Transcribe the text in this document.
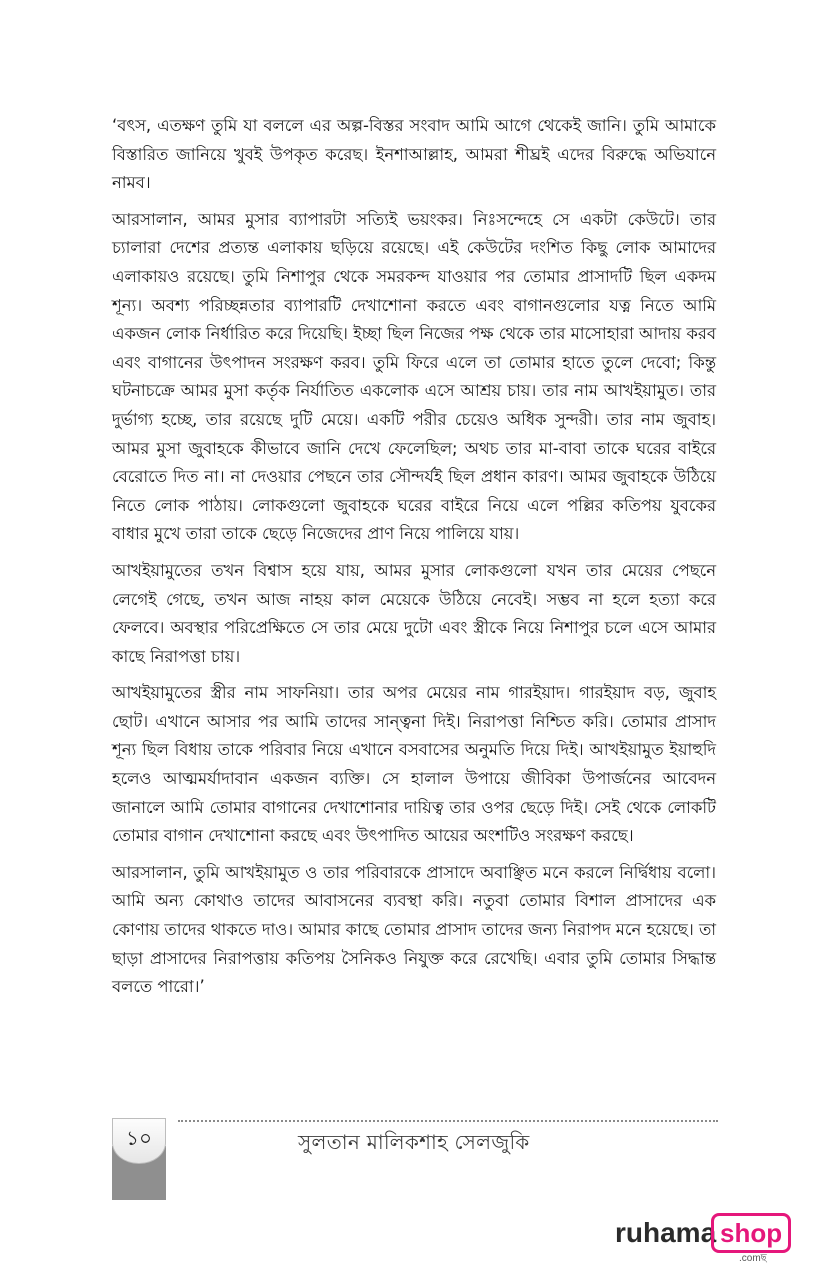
‘বৎস, এতক্ষণ তুমি যা বললে এর অল্প-বিস্তর সংবাদ আমি আগে থেকেই জানি। তুমি আমাকে বিস্তারিত জানিয়ে খুবই উপকৃত করেছ। ইনশাআল্লাহ, আমরা শীঘ্রই এদের বিরুদ্ধে অভিযানে নামব।

আরসালান, আমর মুসার ব্যাপারটা সত্যিই ভয়ংকর। নিঃসন্দেহে সে একটা কেউটে। তার চ্যালারা দেশের প্রত্যন্ত এলাকায় ছড়িয়ে রয়েছে। এই কেউটের দংশিত কিছু লোক আমাদের এলাকায়ও রয়েছে। তুমি নিশাপুর থেকে সমরকন্দ যাওয়ার পর তোমার প্রাসাদটি ছিল একদম শূন্য। অবশ্য পরিচ্ছন্নতার ব্যাপারটি দেখাশোনা করতে এবং বাগানগুলোর যত্ন নিতে আমি একজন লোক নির্ধারিত করে দিয়েছি। ইচ্ছা ছিল নিজের পক্ষ থেকে তার মাসোহারা আদায় করব এবং বাগানের উৎপাদন সংরক্ষণ করব। তুমি ফিরে এলে তা তোমার হাতে তুলে দেবো; কিন্তু ঘটনাচক্রে আমর মুসা কর্তৃক নির্যাতিত একলোক এসে আশ্রয় চায়। তার নাম আখইয়ামুত। তার দুর্ভাগ্য হচ্ছে, তার রয়েছে দুটি মেয়ে। একটি পরীর চেয়েও অধিক সুন্দরী। তার নাম জুবাহ। আমর মুসা জুবাহকে কীভাবে জানি দেখে ফেলেছিল; অথচ তার মা-বাবা তাকে ঘরের বাইরে বেরোতে দিত না। না দেওয়ার পেছনে তার সৌন্দর্যই ছিল প্রধান কারণ। আমর জুবাহকে উঠিয়ে নিতে লোক পাঠায়। লোকগুলো জুবাহকে ঘরের বাইরে নিয়ে এলে পল্লির কতিপয় যুবকের বাধার মুখে তারা তাকে ছেড়ে নিজেদের প্রাণ নিয়ে পালিয়ে যায়।

আখইয়ামুতের তখন বিশ্বাস হয়ে যায়, আমর মুসার লোকগুলো যখন তার মেয়ের পেছনে লেগেই গেছে, তখন আজ নাহয় কাল মেয়েকে উঠিয়ে নেবেই। সম্ভব না হলে হত্যা করে ফেলবে। অবস্থার পরিপ্রেক্ষিতে সে তার মেয়ে দুটো এবং স্ত্রীকে নিয়ে নিশাপুর চলে এসে আমার কাছে নিরাপত্তা চায়।

আখইয়ামুতের স্ত্রীর নাম সাফনিয়া। তার অপর মেয়ের নাম গারইয়াদ। গারইয়াদ বড়, জুবাহ ছোট। এখানে আসার পর আমি তাদের সান্ত্বনা দিই। নিরাপত্তা নিশ্চিত করি। তোমার প্রাসাদ শূন্য ছিল বিধায় তাকে পরিবার নিয়ে এখানে বসবাসের অনুমতি দিয়ে দিই। আখইয়ামুত ইয়াহুদি হলেও আত্মমর্যাদাবান একজন ব্যক্তি। সে হালাল উপায়ে জীবিকা উপার্জনের আবেদন জানালে আমি তোমার বাগানের দেখাশোনার দায়িত্ব তার ওপর ছেড়ে দিই। সেই থেকে লোকটি তোমার বাগান দেখাশোনা করছে এবং উৎপাদিত আয়ের অংশটিও সংরক্ষণ করছে।

আরসালান, তুমি আখইয়ামুত ও তার পরিবারকে প্রাসাদে অবাঞ্ছিত মনে করলে নির্দ্বিধায় বলো। আমি অন্য কোথাও তাদের আবাসনের ব্যবস্থা করি। নতুবা তোমার বিশাল প্রাসাদের এক কোণায় তাদের থাকতে দাও। আমার কাছে তোমার প্রাসাদ তাদের জন্য নিরাপদ মনে হয়েছে। তা ছাড়া প্রাসাদের নিরাপত্তায় কতিপয় সৈনিকও নিযুক্ত করে রেখেছি। এবার তুমি তোমার সিদ্ধান্ত বলতে পারো।’

১০	সুলতান মালিকশাহ সেলজুকি
ruhama shop
.comছ
